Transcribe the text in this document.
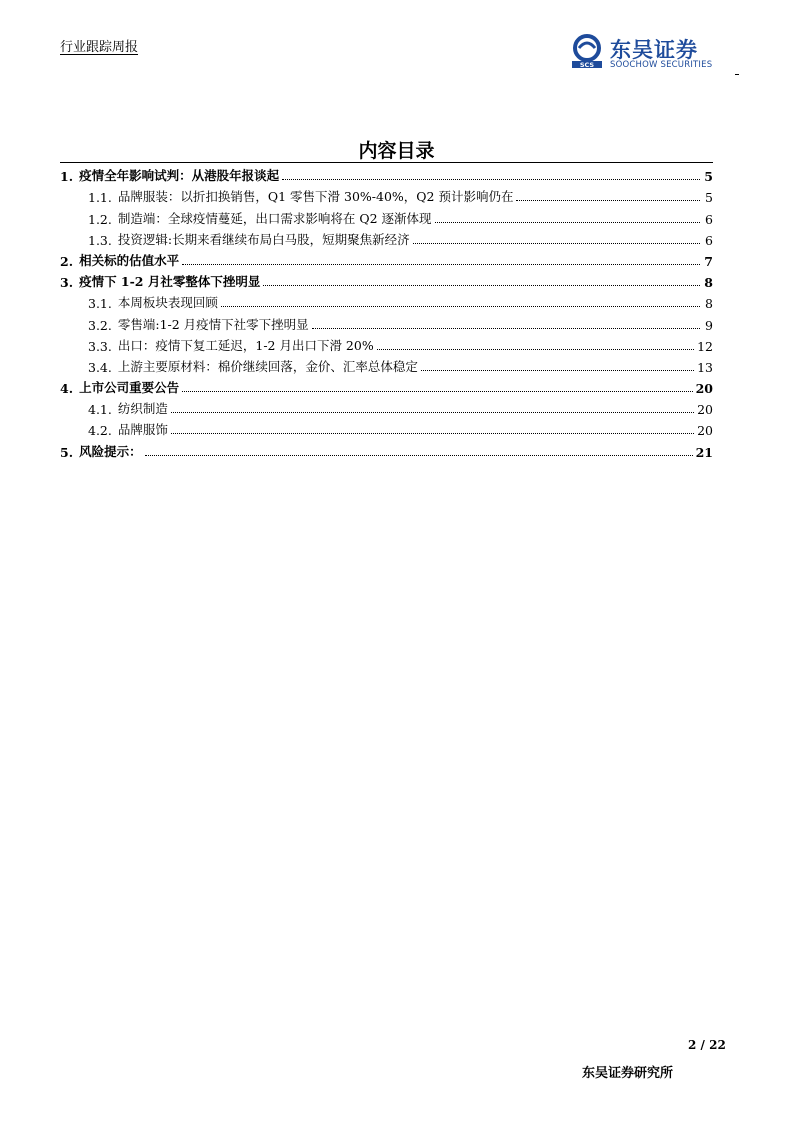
行业跟踪周报
SCS
东吴证券
SOOCHOW SECURITIES
内容目录
1. 疫情全年影响试判：从港股年报谈起	5
1.1. 品牌服装：以折扣换销售，Q1 零售下滑 30%-40%，Q2 预计影响仍在	5
1.2. 制造端：全球疫情蔓延，出口需求影响将在 Q2 逐渐体现	6
1.3. 投资逻辑:长期来看继续布局白马股，短期聚焦新经济	6
2. 相关标的估值水平	7
3. 疫情下 1-2 月社零整体下挫明显	8
3.1. 本周板块表现回顾	8
3.2. 零售端:1-2 月疫情下社零下挫明显	9
3.3. 出口：疫情下复工延迟，1-2 月出口下滑 20%	12
3.4. 上游主要原材料：棉价继续回落，金价、汇率总体稳定	13
4. 上市公司重要公告	20
4.1. 纺织制造	20
4.2. 品牌服饰	20
5. 风险提示：	21
2 / 22
东吴证券研究所
